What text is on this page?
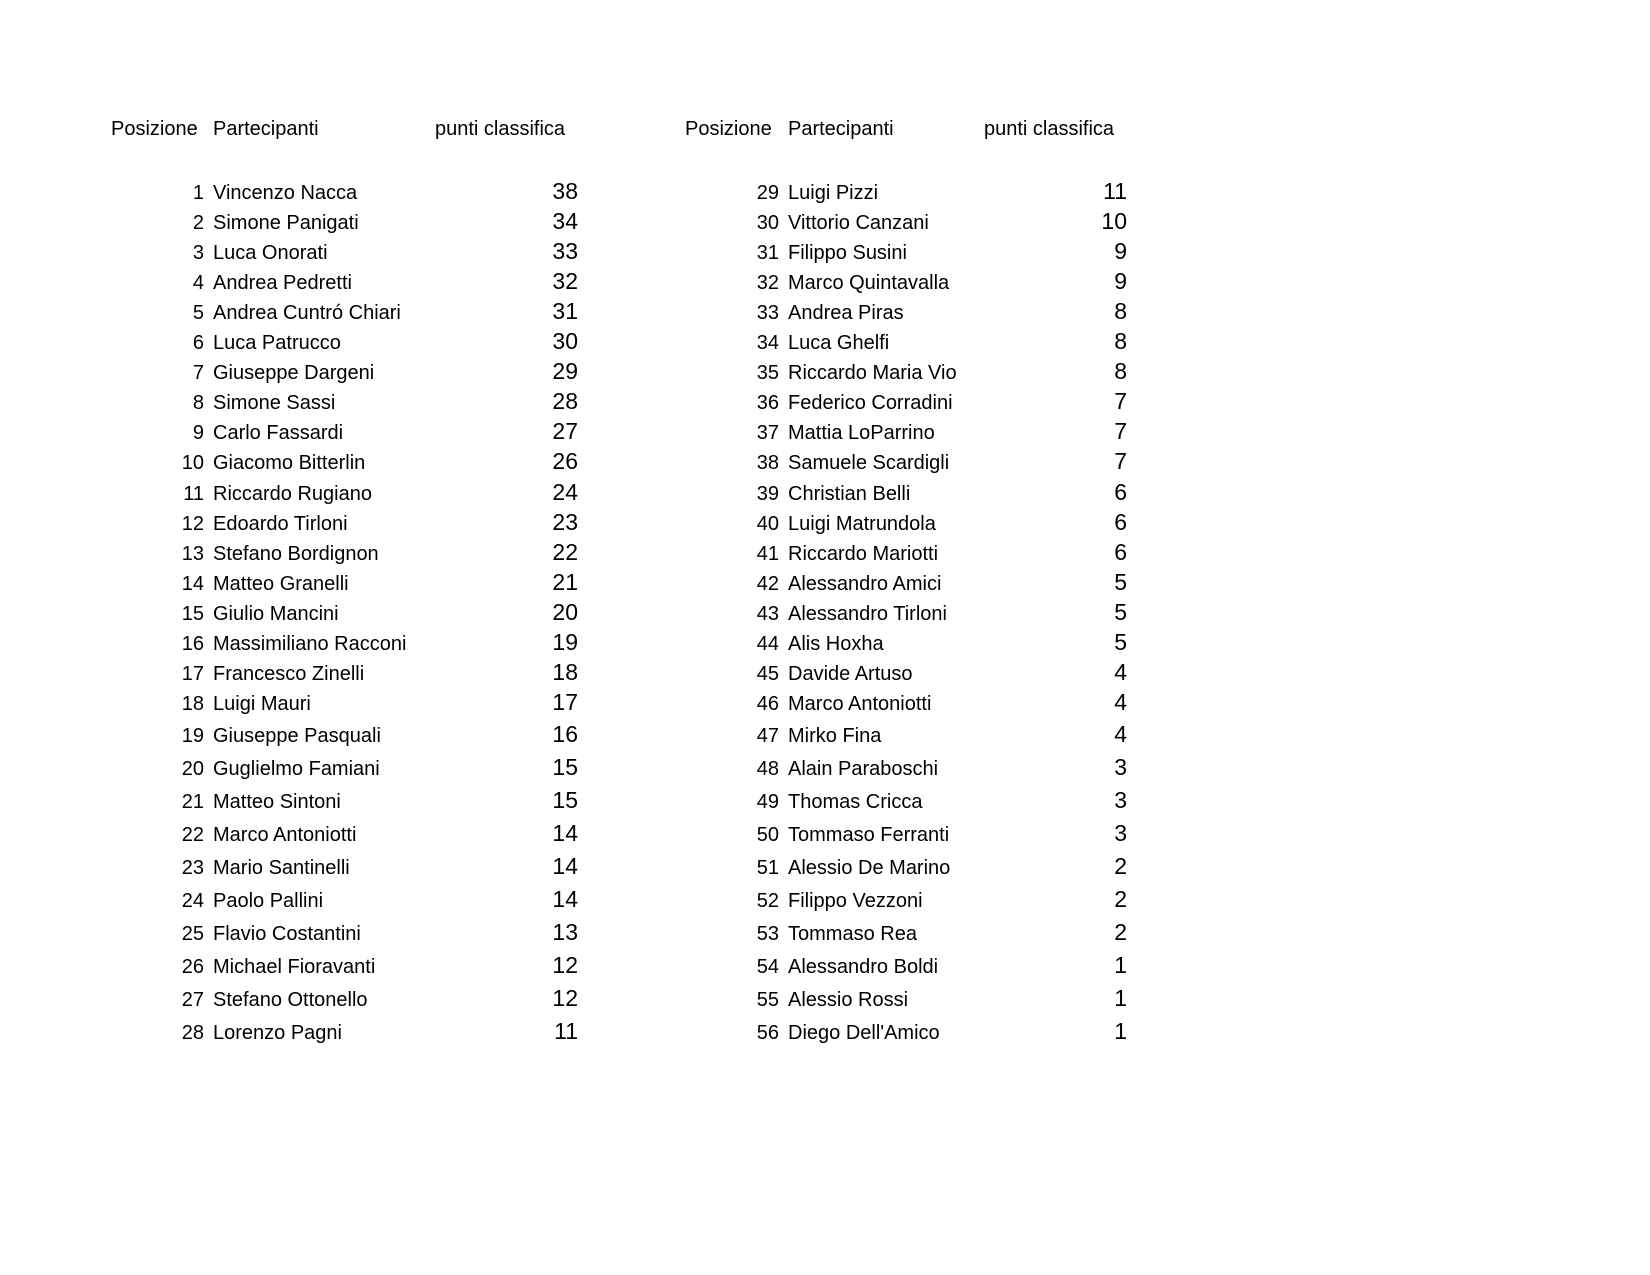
Posizione Partecipanti	punti classifica	Posizione Partecipanti	punti classifica
1 Vincenzo Nacca	38
2 Simone Panigati	34
3 Luca Onorati	33
4 Andrea Pedretti	32
5 Andrea Cuntró Chiari	31
6 Luca Patrucco	30
7 Giuseppe Dargeni	29
8 Simone Sassi	28
9 Carlo Fassardi	27
10 Giacomo Bitterlin	26
11 Riccardo Rugiano	24
12 Edoardo Tirloni	23
13 Stefano Bordignon	22
14 Matteo Granelli	21
15 Giulio Mancini	20
16 Massimiliano Racconi	19
17 Francesco Zinelli	18
18 Luigi Mauri	17
19 Giuseppe Pasquali	16
20 Guglielmo Famiani	15
21 Matteo Sintoni	15
22 Marco Antoniotti	14
23 Mario Santinelli	14
24 Paolo Pallini	14
25 Flavio Costantini	13
26 Michael Fioravanti	12
27 Stefano Ottonello	12
28 Lorenzo Pagni	11
29 Luigi Pizzi	11
30 Vittorio Canzani	10
31 Filippo Susini	9
32 Marco Quintavalla	9
33 Andrea Piras	8
34 Luca Ghelfi	8
35 Riccardo Maria Vio	8
36 Federico Corradini	7
37 Mattia LoParrino	7
38 Samuele Scardigli	7
39 Christian Belli	6
40 Luigi Matrundola	6
41 Riccardo Mariotti	6
42 Alessandro Amici	5
43 Alessandro Tirloni	5
44 Alis Hoxha	5
45 Davide Artuso	4
46 Marco Antoniotti	4
47 Mirko Fina	4
48 Alain Paraboschi	3
49 Thomas Cricca	3
50 Tommaso Ferranti	3
51 Alessio De Marino	2
52 Filippo Vezzoni	2
53 Tommaso Rea	2
54 Alessandro Boldi	1
55 Alessio Rossi	1
56 Diego Dell'Amico	1
